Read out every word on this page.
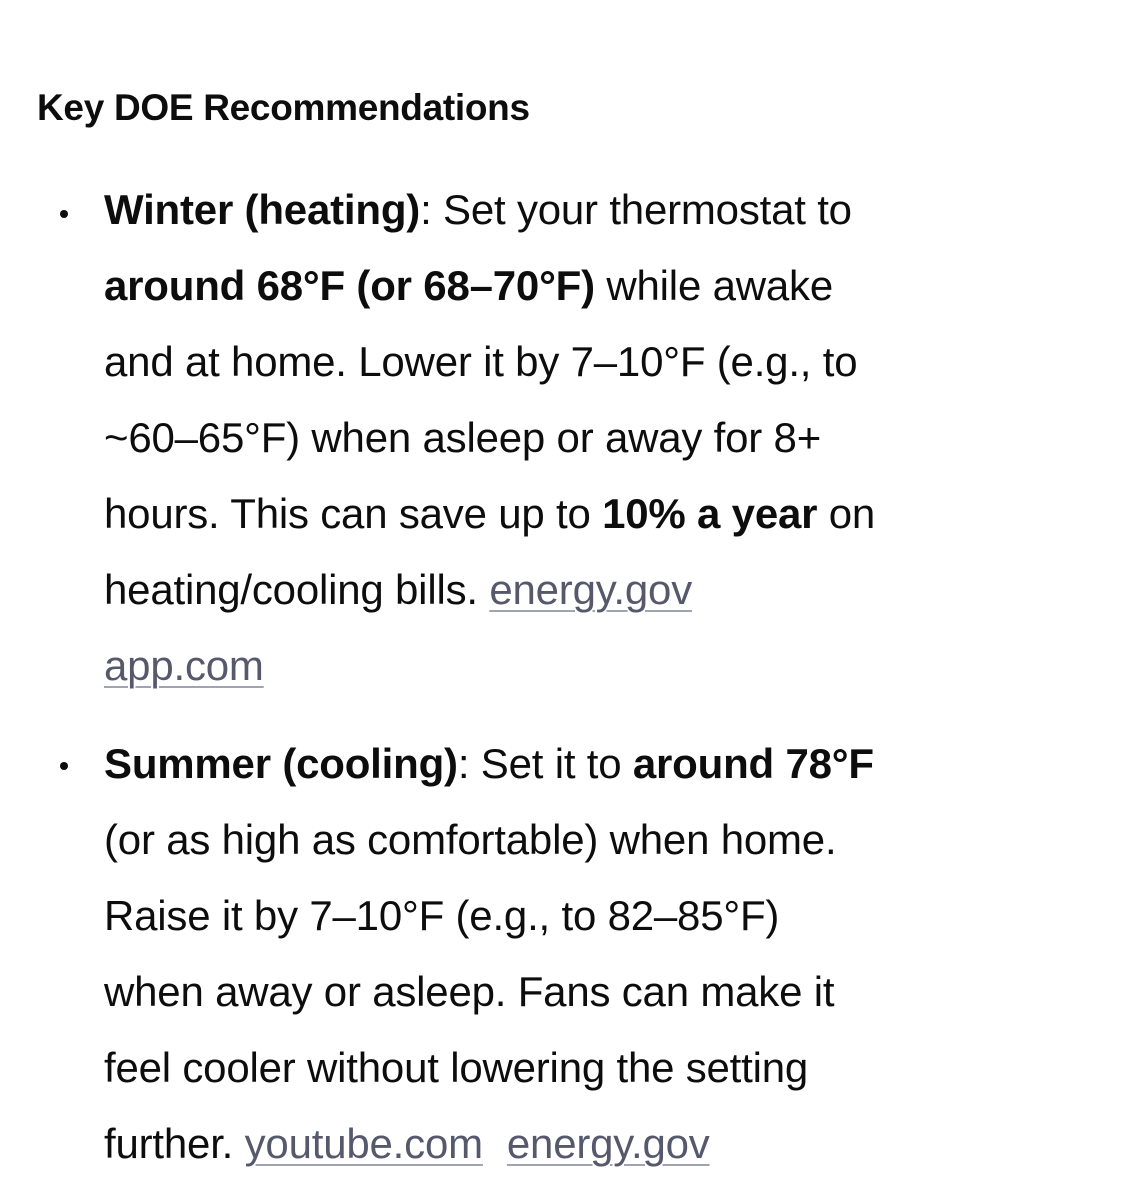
Key DOE Recommendations

Winter (heating): Set your thermostat to
around 68°F (or 68–70°F) while awake
and at home. Lower it by 7–10°F (e.g., to
~60–65°F) when asleep or away for 8+
hours. This can save up to 10% a year on
heating/cooling bills. energy.gov
app.com

Summer (cooling): Set it to around 78°F
(or as high as comfortable) when home.
Raise it by 7–10°F (e.g., to 82–85°F)
when away or asleep. Fans can make it
feel cooler without lowering the setting
further. youtube.com energy.gov
